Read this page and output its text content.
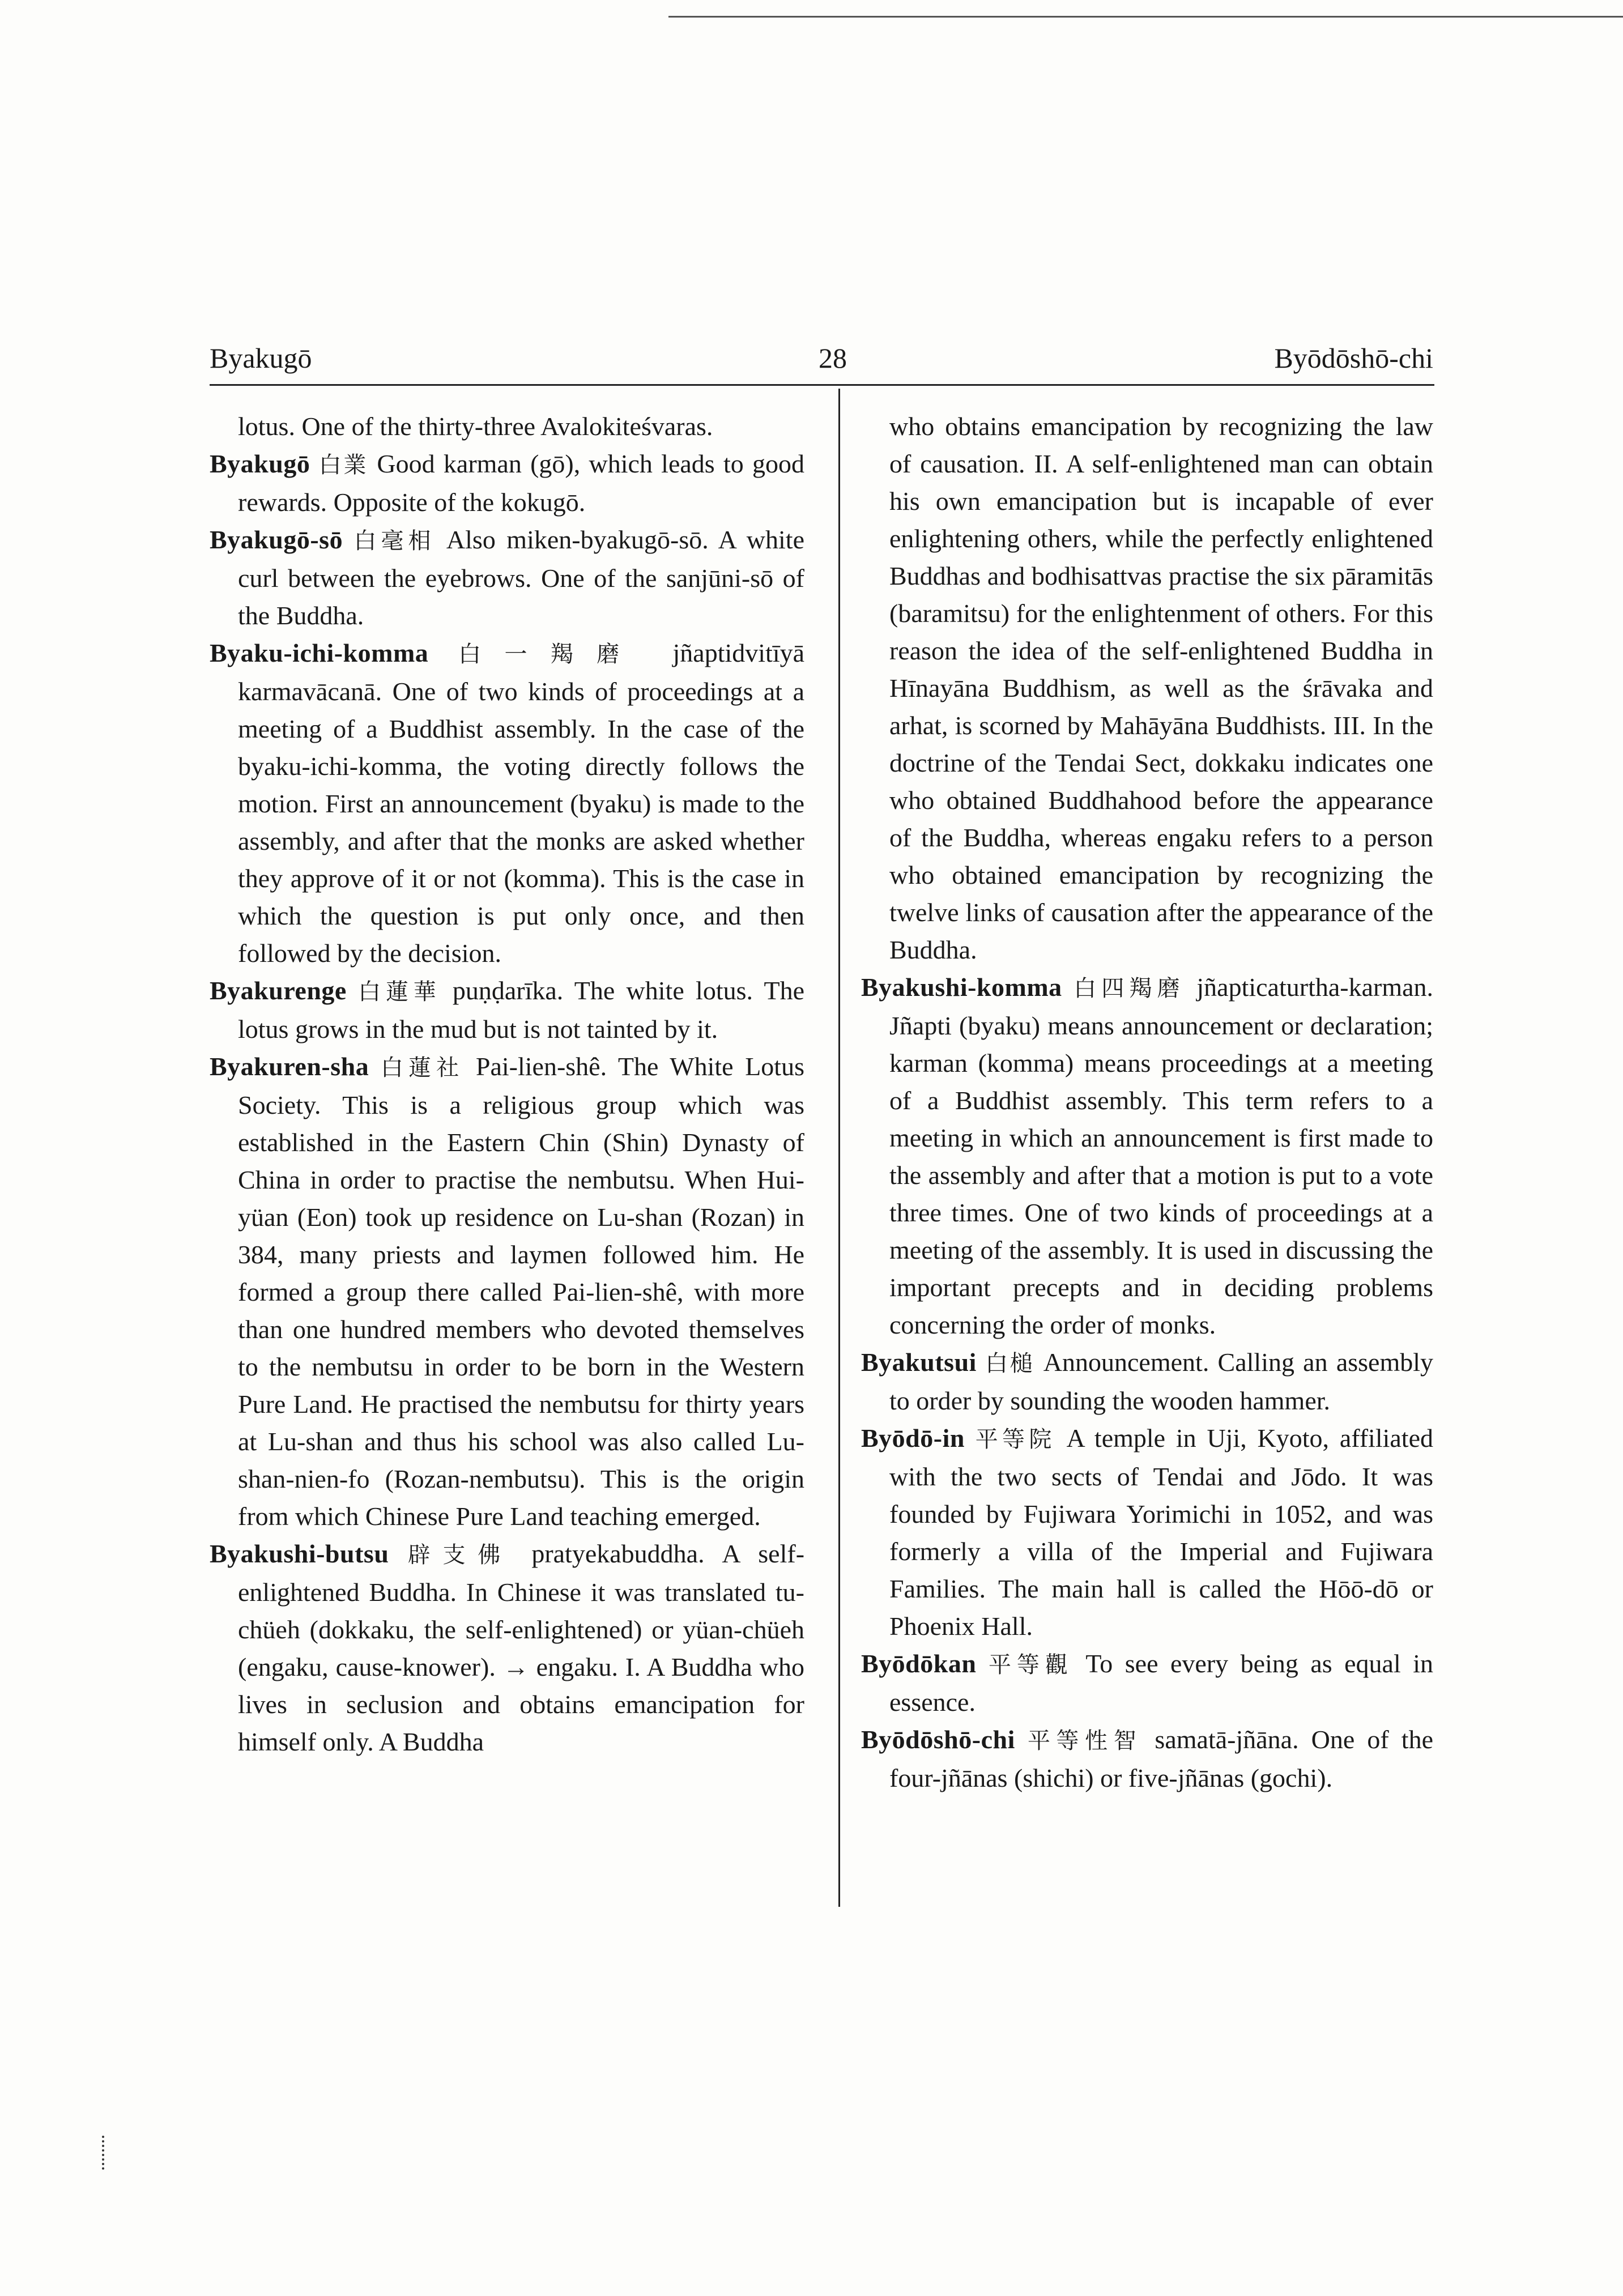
Byakugō	28	Byōdōshō-chi

lotus. One of the thirty-three Avalokiteśvaras.

Byakugō 白業 Good karman (gō), which leads to good rewards. Opposite of the kokugō.

Byakugō-sō 白毫相 Also miken-byakugō-sō. A white curl between the eyebrows. One of the sanjūni-sō of the Buddha.

Byaku-ichi-komma 白一羯磨 jñaptidvitīyā karmavācanā. One of two kinds of proceedings at a meeting of a Buddhist assembly. In the case of the byaku-ichi-komma, the voting directly follows the motion. First an announcement (byaku) is made to the assembly, and after that the monks are asked whether they approve of it or not (komma). This is the case in which the question is put only once, and then followed by the decision.

Byakurenge 白蓮華 puṇḍarīka. The white lotus. The lotus grows in the mud but is not tainted by it.

Byakuren-sha 白蓮社 Pai-lien-shê. The White Lotus Society. This is a religious group which was established in the Eastern Chin (Shin) Dynasty of China in order to practise the nembutsu. When Hui-yüan (Eon) took up residence on Lu-shan (Rozan) in 384, many priests and laymen followed him. He formed a group there called Pai-lien-shê, with more than one hundred members who devoted themselves to the nembutsu in order to be born in the Western Pure Land. He practised the nembutsu for thirty years at Lu-shan and thus his school was also called Lu-shan-nien-fo (Rozan-nembutsu). This is the origin from which Chinese Pure Land teaching emerged.

Byakushi-butsu 辟支佛 pratyekabuddha. A self-enlightened Buddha. In Chinese it was translated tu-chüeh (dokkaku, the self-enlightened) or yüan-chüeh (engaku, cause-knower). → engaku. I. A Buddha who lives in seclusion and obtains emancipation for himself only. A Buddha

who obtains emancipation by recognizing the law of causation. II. A self-enlightened man can obtain his own emancipation but is incapable of ever enlightening others, while the perfectly enlightened Buddhas and bodhisattvas practise the six pāramitās (baramitsu) for the enlightenment of others. For this reason the idea of the self-enlightened Buddha in Hīnayāna Buddhism, as well as the śrāvaka and arhat, is scorned by Mahāyāna Buddhists. III. In the doctrine of the Tendai Sect, dokkaku indicates one who obtained Buddhahood before the appearance of the Buddha, whereas engaku refers to a person who obtained emancipation by recognizing the twelve links of causation after the appearance of the Buddha.

Byakushi-komma 白四羯磨 jñapticaturtha-karman. Jñapti (byaku) means announcement or declaration; karman (komma) means proceedings at a meeting of a Buddhist assembly. This term refers to a meeting in which an announcement is first made to the assembly and after that a motion is put to a vote three times. One of two kinds of proceedings at a meeting of the assembly. It is used in discussing the important precepts and in deciding problems concerning the order of monks.

Byakutsui 白槌 Announcement. Calling an assembly to order by sounding the wooden hammer.

Byōdō-in 平等院 A temple in Uji, Kyoto, affiliated with the two sects of Tendai and Jōdo. It was founded by Fujiwara Yorimichi in 1052, and was formerly a villa of the Imperial and Fujiwara Families. The main hall is called the Hōō-dō or Phoenix Hall.

Byōdōkan 平等觀 To see every being as equal in essence.

Byōdōshō-chi 平等性智 samatā-jñāna. One of the four-jñānas (shichi) or five-jñānas (gochi).
